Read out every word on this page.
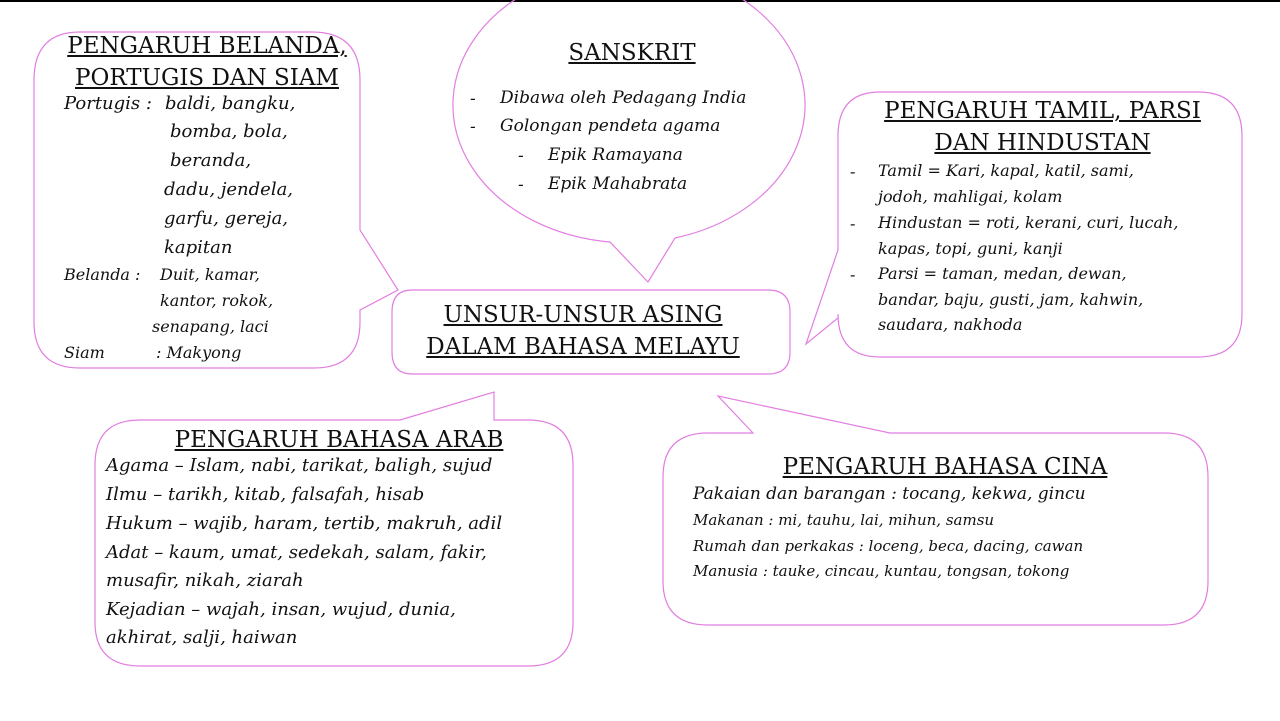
UNSUR-UNSUR ASING DALAM BAHASA MELAYU
PENGARUH BELANDA, PORTUGIS DAN SIAM
Portugis : baldi, bangku,
bomba, bola,
beranda,
dadu, jendela,
garfu, gereja,
kapitan
Belanda : Duit, kamar,
kantor, rokok,
senapang, laci
Siam	: Makyong
SANSKRIT
- Dibawa oleh Pedagang India
- Golongan pendeta agama
- Epik Ramayana
- Epik Mahabrata
PENGARUH TAMIL, PARSI DAN HINDUSTAN
- Tamil = Kari, kapal, katil, sami,
jodoh, mahligai, kolam
- Hindustan = roti, kerani, curi, lucah,
kapas, topi, guni, kanji
- Parsi = taman, medan, dewan,
bandar, baju, gusti, jam, kahwin,
saudara, nakhoda
PENGARUH BAHASA ARAB
Agama – Islam, nabi, tarikat, baligh, sujud
Ilmu – tarikh, kitab, falsafah, hisab
Hukum – wajib, haram, tertib, makruh, adil
Adat – kaum, umat, sedekah, salam, fakir,
musafir, nikah, ziarah
Kejadian – wajah, insan, wujud, dunia,
akhirat, salji, haiwan
PENGARUH BAHASA CINA
Pakaian dan barangan : tocang, kekwa, gincu
Makanan : mi, tauhu, lai, mihun, samsu
Rumah dan perkakas : loceng, beca, dacing, cawan
Manusia : tauke, cincau, kuntau, tongsan, tokong
